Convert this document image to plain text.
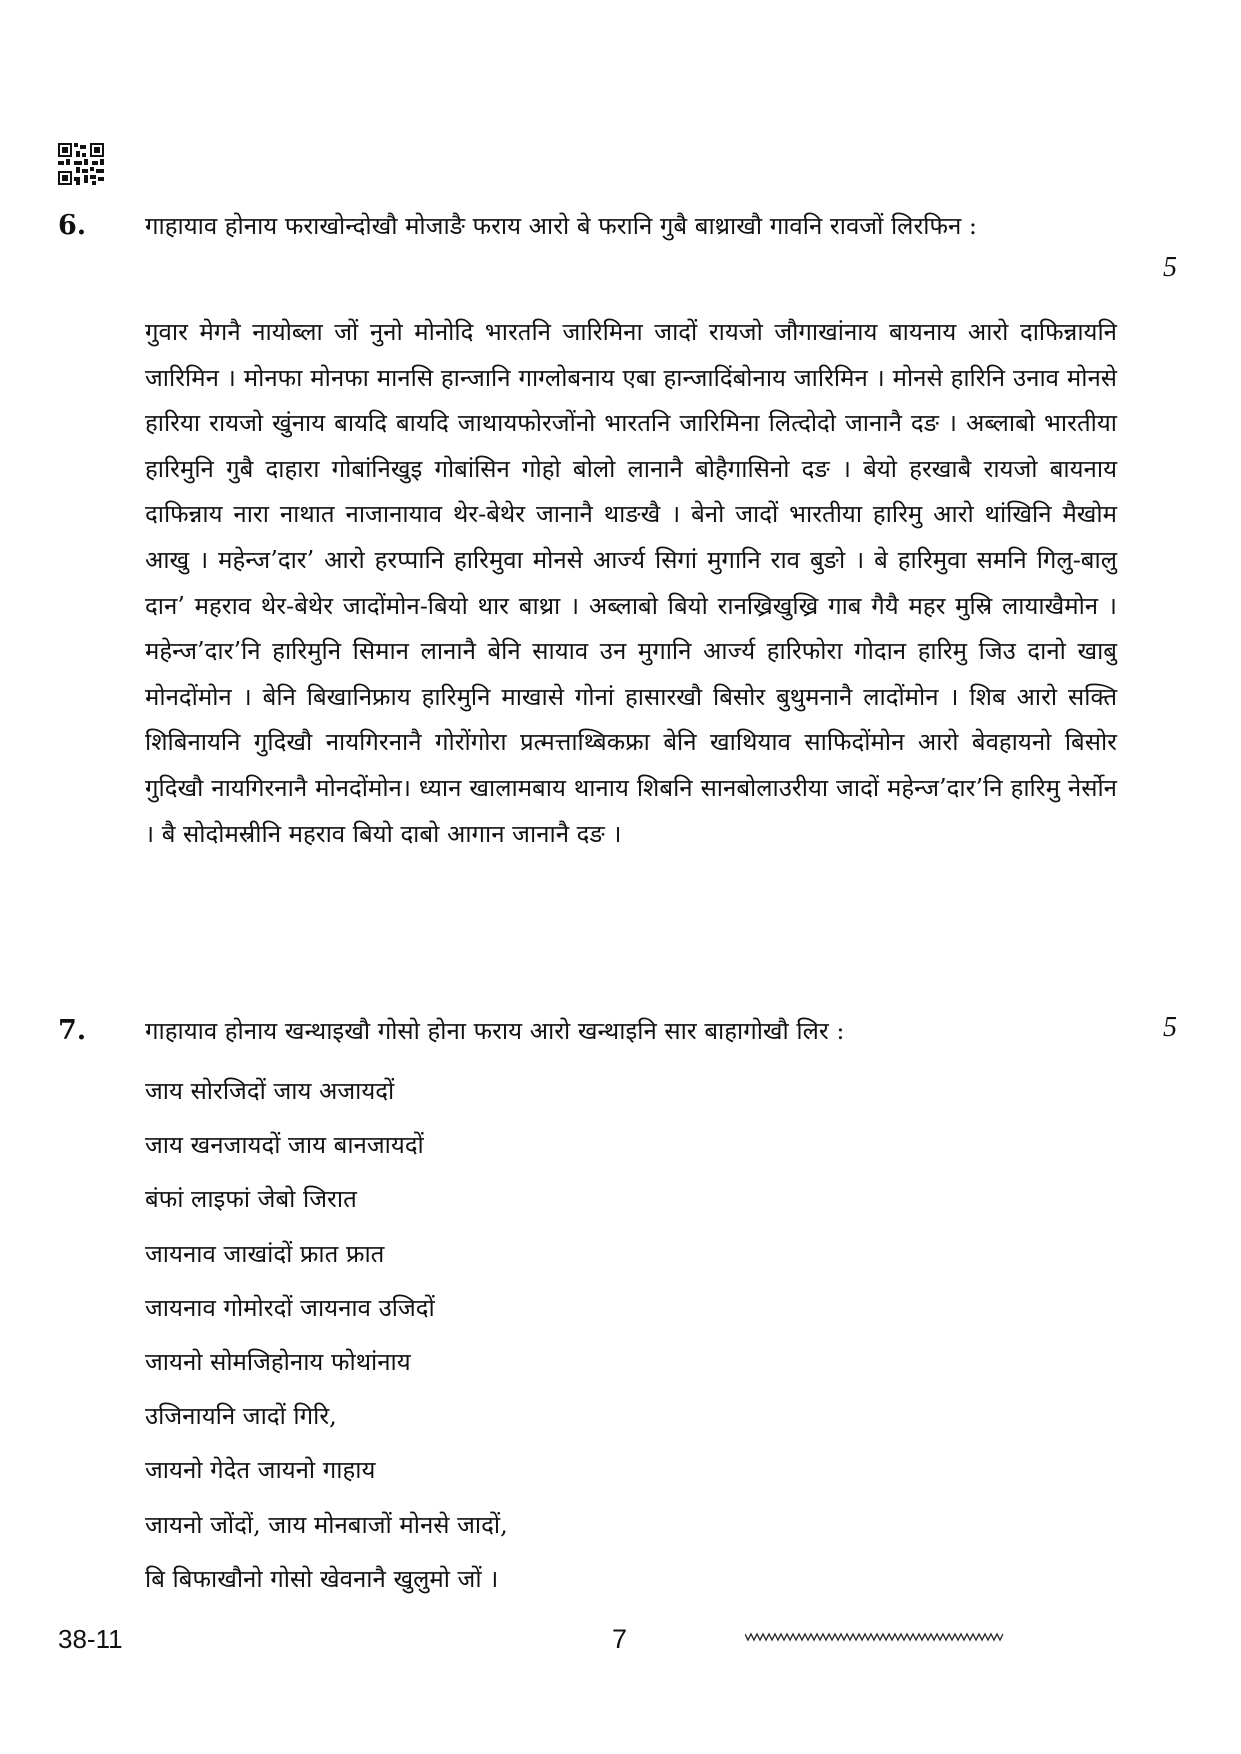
6. गाहायाव होनाय फराखोन्दोखौ मोजाङै फराय आरो बे फरानि गुबै बाथ्राखौ गावनि रावजों लिरफिन :
5
गुवार मेगनै नायोब्ला जों नुनो मोनोदि भारतनि जारिमिना जादों रायजो जौगाखांनाय बायनाय आरो दाफिन्नायनि जारिमिन । मोनफा मोनफा मानसि हान्जानि गाग्लोबनाय एबा हान्जादिंबोनाय जारिमिन । मोनसे हारिनि उनाव मोनसे हारिया रायजो खुंनाय बायदि बायदि जाथायफोरजोंनो भारतनि जारिमिना लित्दोदो जानानै दङ । अब्लाबो भारतीया हारिमुनि गुबै दाहारा गोबांनिखुइ गोबांसिन गोहो बोलो लानानै बोहैगासिनो दङ । बेयो हरखाबै रायजो बायनाय दाफिन्नाय नारा नाथात नाजानायाव थेर-बेथेर जानानै थाङखै । बेनो जादों भारतीया हारिमु आरो थांखिनि मैखोम आखु । महेन्ज’दार’ आरो हरप्पानि हारिमुवा मोनसे आर्ज्य सिगां मुगानि राव बुङो । बे हारिमुवा समनि गिलु-बालु दान’ महराव थेर-बेथेर जादोंमोन-बियो थार बाथ्रा । अब्लाबो बियो रानख्रिखुख्रि गाब गैयै महर मुस्रि लायाखैमोन । महेन्ज’दार’नि हारिमुनि सिमान लानानै बेनि सायाव उन मुगानि आर्ज्य हारिफोरा गोदान हारिमु जिउ दानो खाबु मोनदोंमोन । बेनि बिखानिफ्राय हारिमुनि माखासे गोनां हासारखौ बिसोर बुथुमनानै लादोंमोन । शिब आरो सक्ति शिबिनायनि गुदिखौ नायगिरनानै गोरोंगोरा प्रत्मत्ताथ्बिकफ्रा बेनि खाथियाव साफिदोंमोन आरो बेवहायनो बिसोर गुदिखौ नायगिरनानै मोनदोंमोन। ध्यान खालामबाय थानाय शिबनि सानबोलाउरीया जादों महेन्ज’दार’नि हारिमु नेर्सोन । बै सोदोमस्रीनि महराव बियो दाबो आगान जानानै दङ ।
7. गाहायाव होनाय खन्थाइखौ गोसो होना फराय आरो खन्थाइनि सार बाहागोखौ लिर :	5
जाय सोरजिदों जाय अजायदों
जाय खनजायदों जाय बानजायदों
बंफां लाइफां जेबो जिरात
जायनाव जाखांदों फ्रात फ्रात
जायनाव गोमोरदों जायनाव उजिदों
जायनो सोमजिहोनाय फोथांनाय
उजिनायनि जादों गिरि,
जायनो गेदेत जायनो गाहाय
जायनो जोंदों, जाय मोनबाजों मोनसे जादों,
बि बिफाखौनो गोसो खेवनानै खुलुमो जों ।
38-11	7
